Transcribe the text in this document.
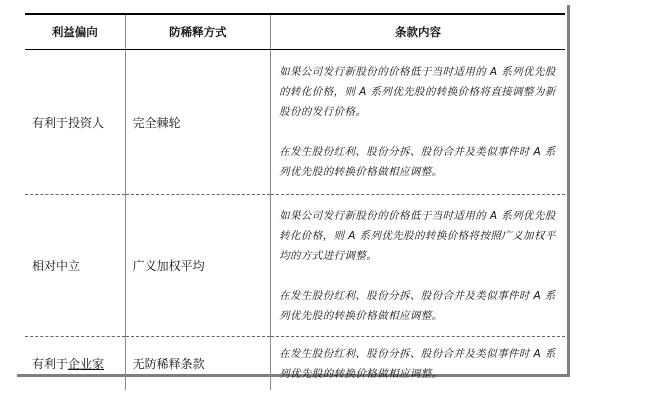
利益偏向	防稀释方式	条款内容
有利于投资人	完全棘轮	如果公司发行新股份的价格低于当时适用的 A 系列优先股的转化价格，则 A 系列优先股的转换价格将直接调整为新股份的发行价格。
在发生股份红利、股份分拆、股份合并及类似事件时 A 系列优先股的转换价格做相应调整。

相对中立	广义加权平均	如果公司发行新股份的价格低于当时适用的 A 系列优先股转化价格，则 A 系列优先股的转换价格将按照广义加权平均的方式进行调整。
在发生股份红利、股份分拆、股份合并及类似事件时 A 系列优先股的转换价格做相应调整。

有利于企业家	无防稀释条款	在发生股份红利、股份分拆、股份合并及类似事件时 A 系列优先股的转换价格做相应调整。
